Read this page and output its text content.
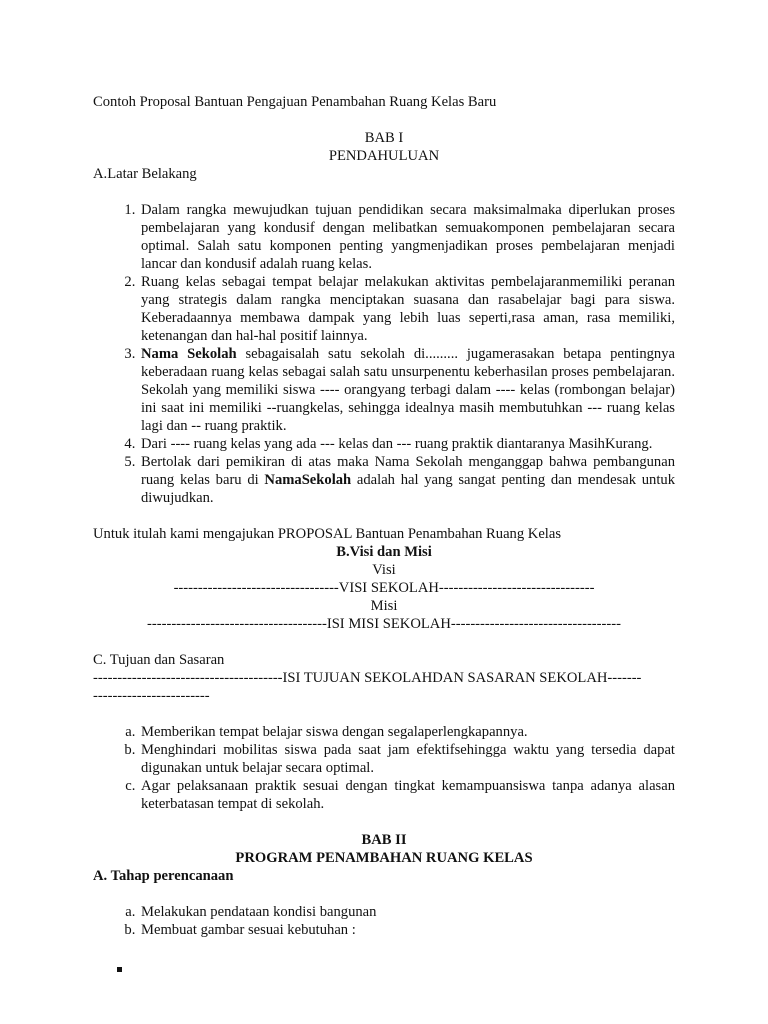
Contoh Proposal Bantuan Pengajuan Penambahan Ruang Kelas Baru

BAB I

PENDAHULUAN

A.Latar Belakang

1. Dalam rangka mewujudkan tujuan pendidikan secara maksimalmaka diperlukan proses pembelajaran yang kondusif dengan melibatkan semuakomponen pembelajaran secara optimal. Salah satu komponen penting yangmenjadikan proses pembelajaran menjadi lancar dan kondusif adalah ruang kelas.
2. Ruang kelas sebagai tempat belajar melakukan aktivitas pembelajaranmemiliki peranan yang strategis dalam rangka menciptakan suasana dan rasabelajar bagi para siswa. Keberadaannya membawa dampak yang lebih luas seperti,rasa aman, rasa memiliki, ketenangan dan hal-hal positif lainnya.
3. Nama Sekolah sebagaisalah satu sekolah di......... jugamerasakan betapa pentingnya keberadaan ruang kelas sebagai salah satu unsurpenentu keberhasilan proses pembelajaran. Sekolah yang memiliki siswa ---- orangyang terbagi dalam ---- kelas (rombongan belajar) ini saat ini memiliki --ruangkelas, sehingga idealnya masih membutuhkan --- ruang kelas lagi dan -- ruang praktik.
4. Dari ---- ruang kelas yang ada --- kelas dan --- ruang praktik diantaranya MasihKurang.
5. Bertolak dari pemikiran di atas maka Nama Sekolah menganggap bahwa pembangunan ruang kelas baru di NamaSekolah adalah hal yang sangat penting dan mendesak untuk diwujudkan.

Untuk itulah kami mengajukan PROPOSAL Bantuan Penambahan Ruang Kelas

B.Visi dan Misi

Visi

----------------------------------VISI SEKOLAH--------------------------------

Misi

-------------------------------------ISI MISI SEKOLAH-----------------------------------

C. Tujuan dan Sasaran

---------------------------------------ISI TUJUAN SEKOLAHDAN SASARAN SEKOLAH-------

------------------------

a. Memberikan tempat belajar siswa dengan segalaperlengkapannya.
b. Menghindari mobilitas siswa pada saat jam efektifsehingga waktu yang tersedia dapat digunakan untuk belajar secara optimal.
c. Agar pelaksanaan praktik sesuai dengan tingkat kemampuansiswa tanpa adanya alasan keterbatasan tempat di sekolah.

BAB II

PROGRAM PENAMBAHAN RUANG KELAS

A. Tahap perencanaan

a. Melakukan pendataan kondisi bangunan
b. Membuat gambar sesuai kebutuhan :
